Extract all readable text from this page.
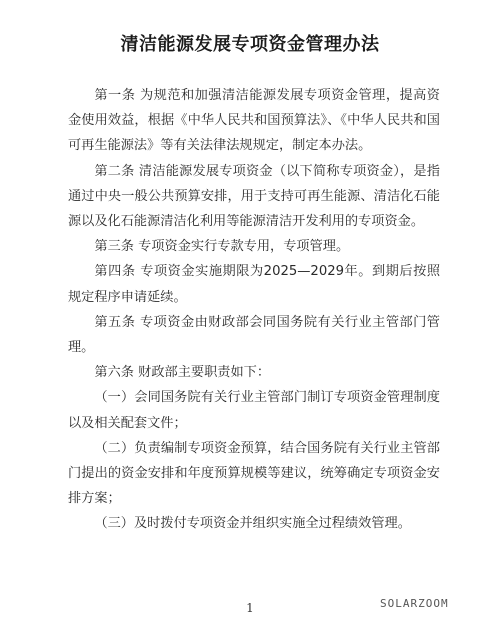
清洁能源发展专项资金管理办法

第一条 为规范和加强清洁能源发展专项资金管理，提高资金使用效益，根据《中华人民共和国预算法》、《中华人民共和国可再生能源法》等有关法律法规规定，制定本办法。

第二条 清洁能源发展专项资金（以下简称专项资金），是指通过中央一般公共预算安排，用于支持可再生能源、清洁化石能源以及化石能源清洁化利用等能源清洁开发利用的专项资金。

第三条 专项资金实行专款专用，专项管理。

第四条 专项资金实施期限为2025—2029年。到期后按照规定程序申请延续。

第五条 专项资金由财政部会同国务院有关行业主管部门管理。

第六条 财政部主要职责如下：

（一）会同国务院有关行业主管部门制订专项资金管理制度以及相关配套文件；

（二）负责编制专项资金预算，结合国务院有关行业主管部门提出的资金安排和年度预算规模等建议，统筹确定专项资金安排方案；

（三）及时拨付专项资金并组织实施全过程绩效管理。

1	SOLARZOOM
